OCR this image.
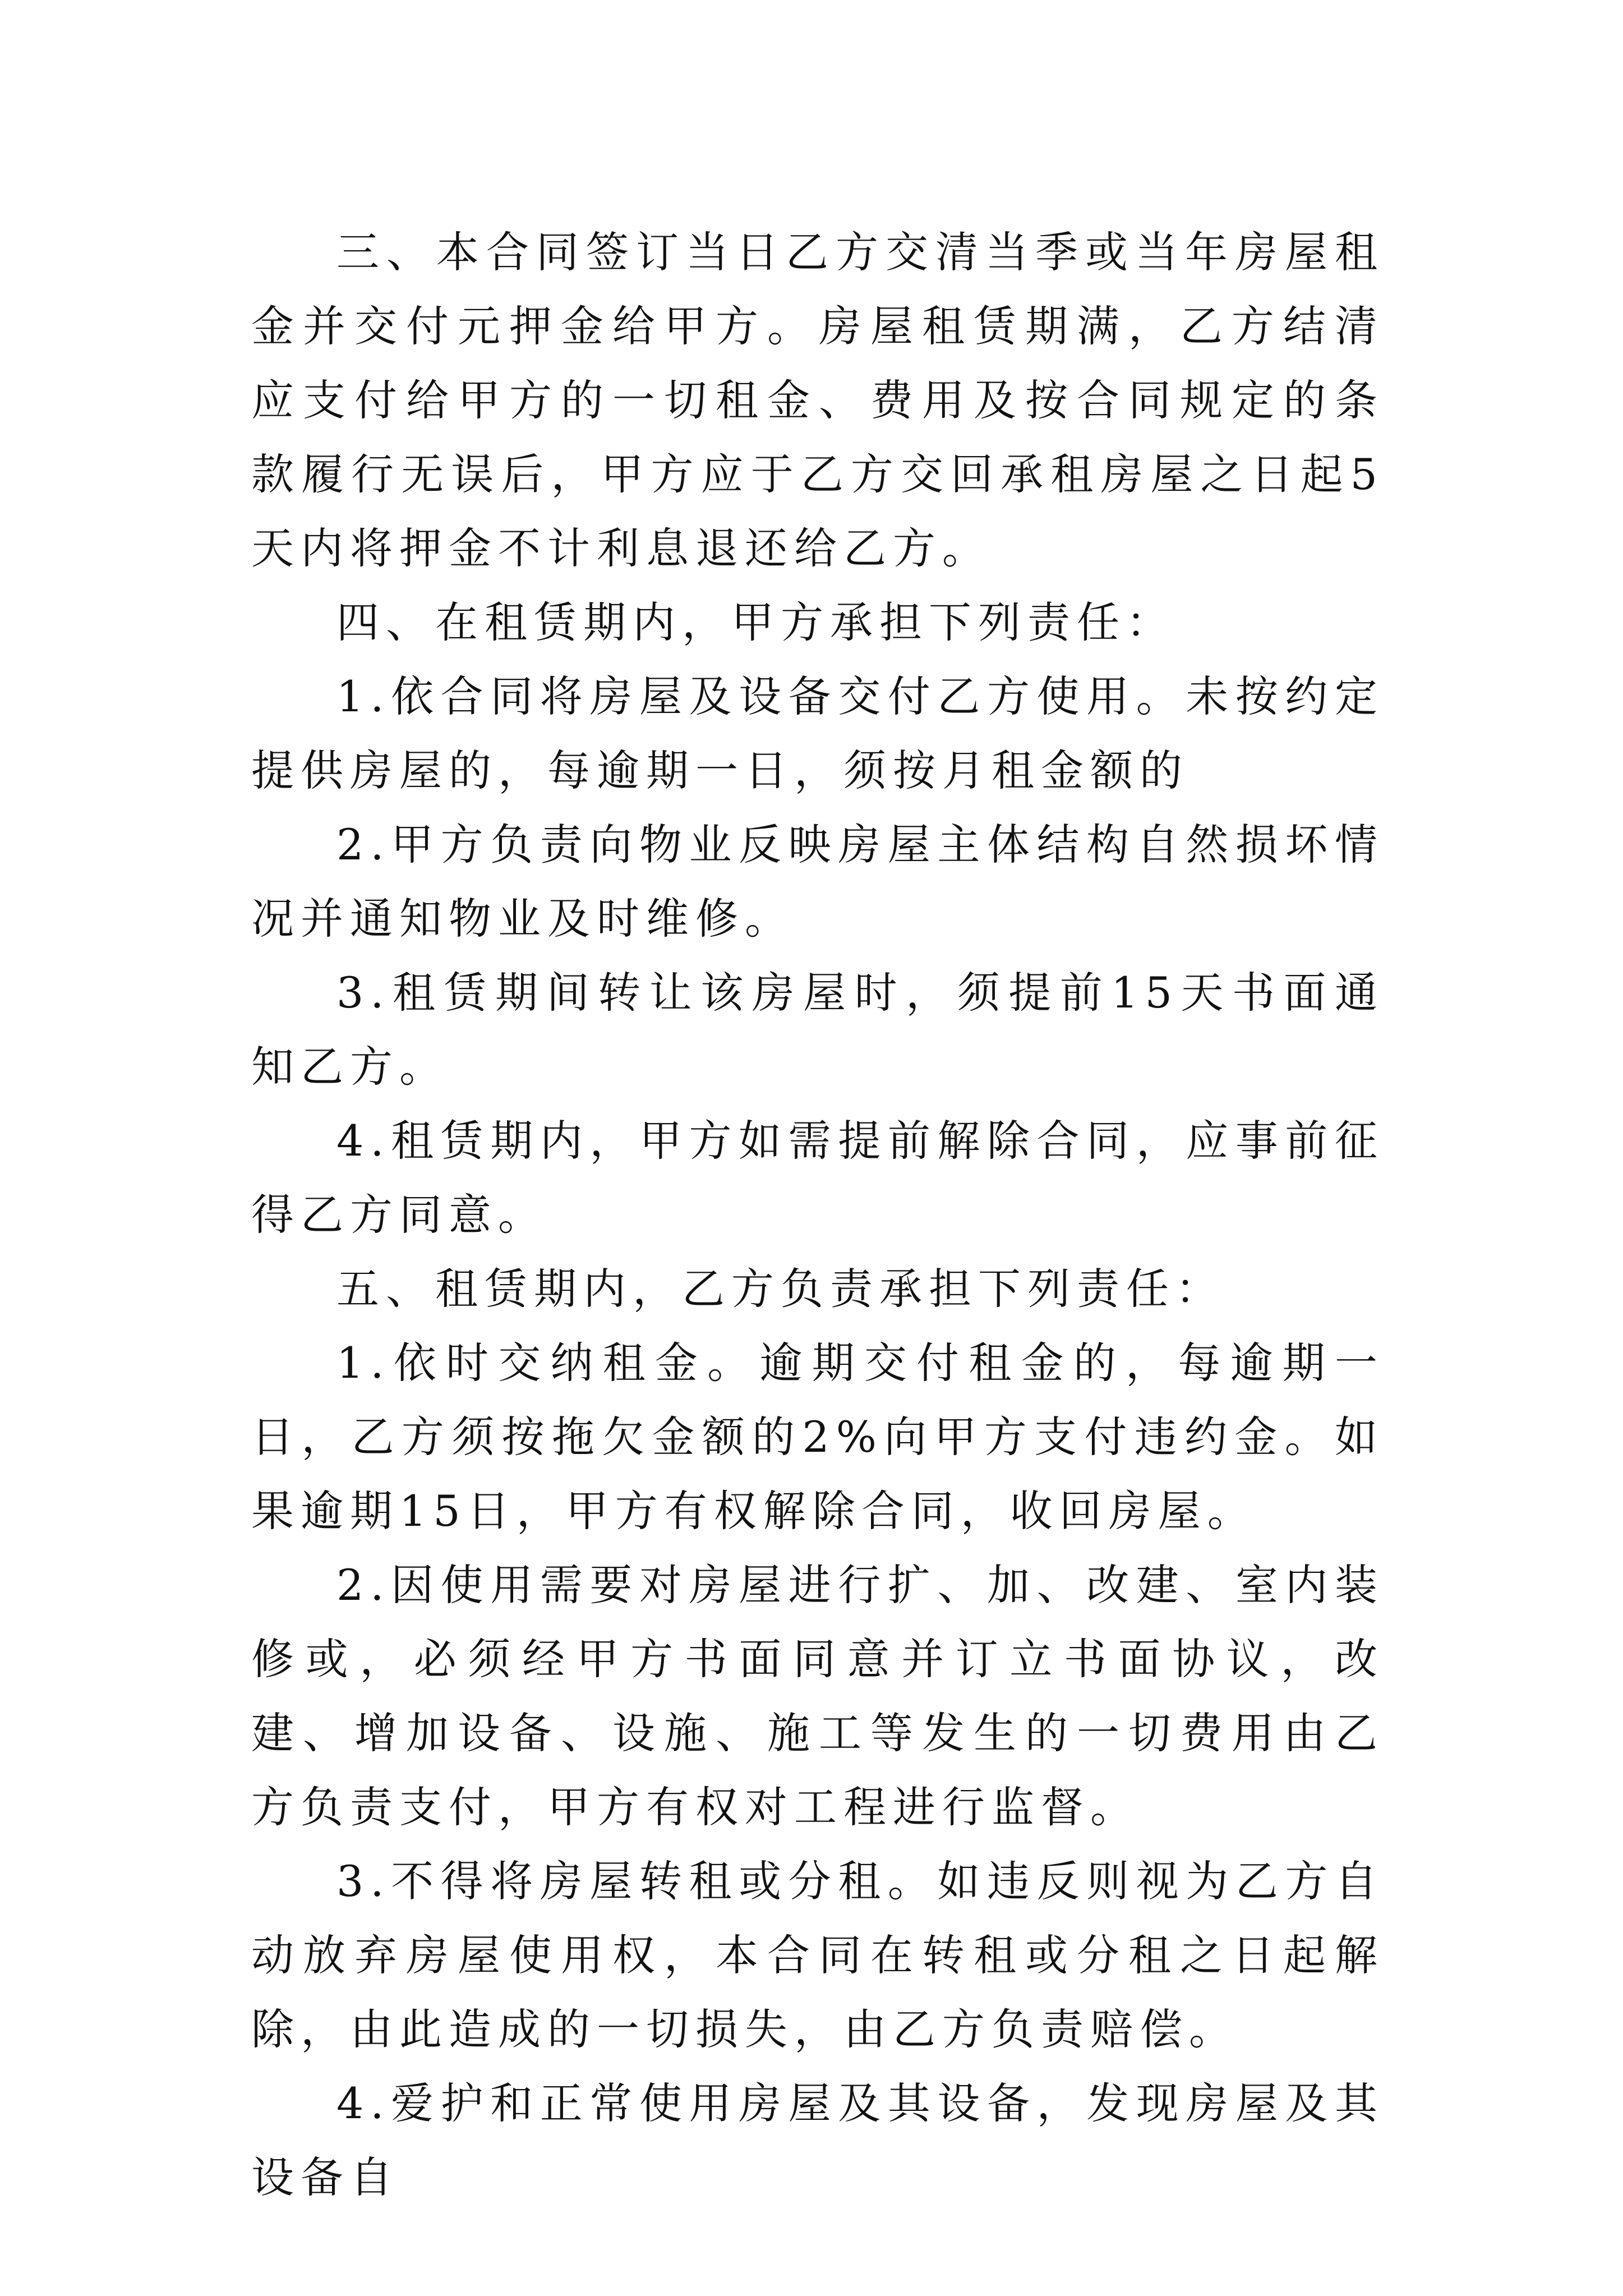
三、本合同签订当日乙方交清当季或当年房屋租金并交付元押金给甲方。房屋租赁期满，乙方结清应支付给甲方的一切租金、费用及按合同规定的条款履行无误后，甲方应于乙方交回承租房屋之日起5天内将押金不计利息退还给乙方。

四、在租赁期内，甲方承担下列责任：

1.依合同将房屋及设备交付乙方使用。未按约定提供房屋的，每逾期一日，须按月租金额的

2.甲方负责向物业反映房屋主体结构自然损坏情况并通知物业及时维修。

3.租赁期间转让该房屋时，须提前15天书面通知乙方。

4.租赁期内，甲方如需提前解除合同，应事前征得乙方同意。

五、租赁期内，乙方负责承担下列责任：

1.依时交纳租金。逾期交付租金的，每逾期一日，乙方须按拖欠金额的2%向甲方支付违约金。如果逾期15日，甲方有权解除合同，收回房屋。

2.因使用需要对房屋进行扩、加、改建、室内装修或，必须经甲方书面同意并订立书面协议，改建、增加设备、设施、施工等发生的一切费用由乙方负责支付，甲方有权对工程进行监督。

3.不得将房屋转租或分租。如违反则视为乙方自动放弃房屋使用权，本合同在转租或分租之日起解除，由此造成的一切损失，由乙方负责赔偿。

4.爱护和正常使用房屋及其设备，发现房屋及其设备自
